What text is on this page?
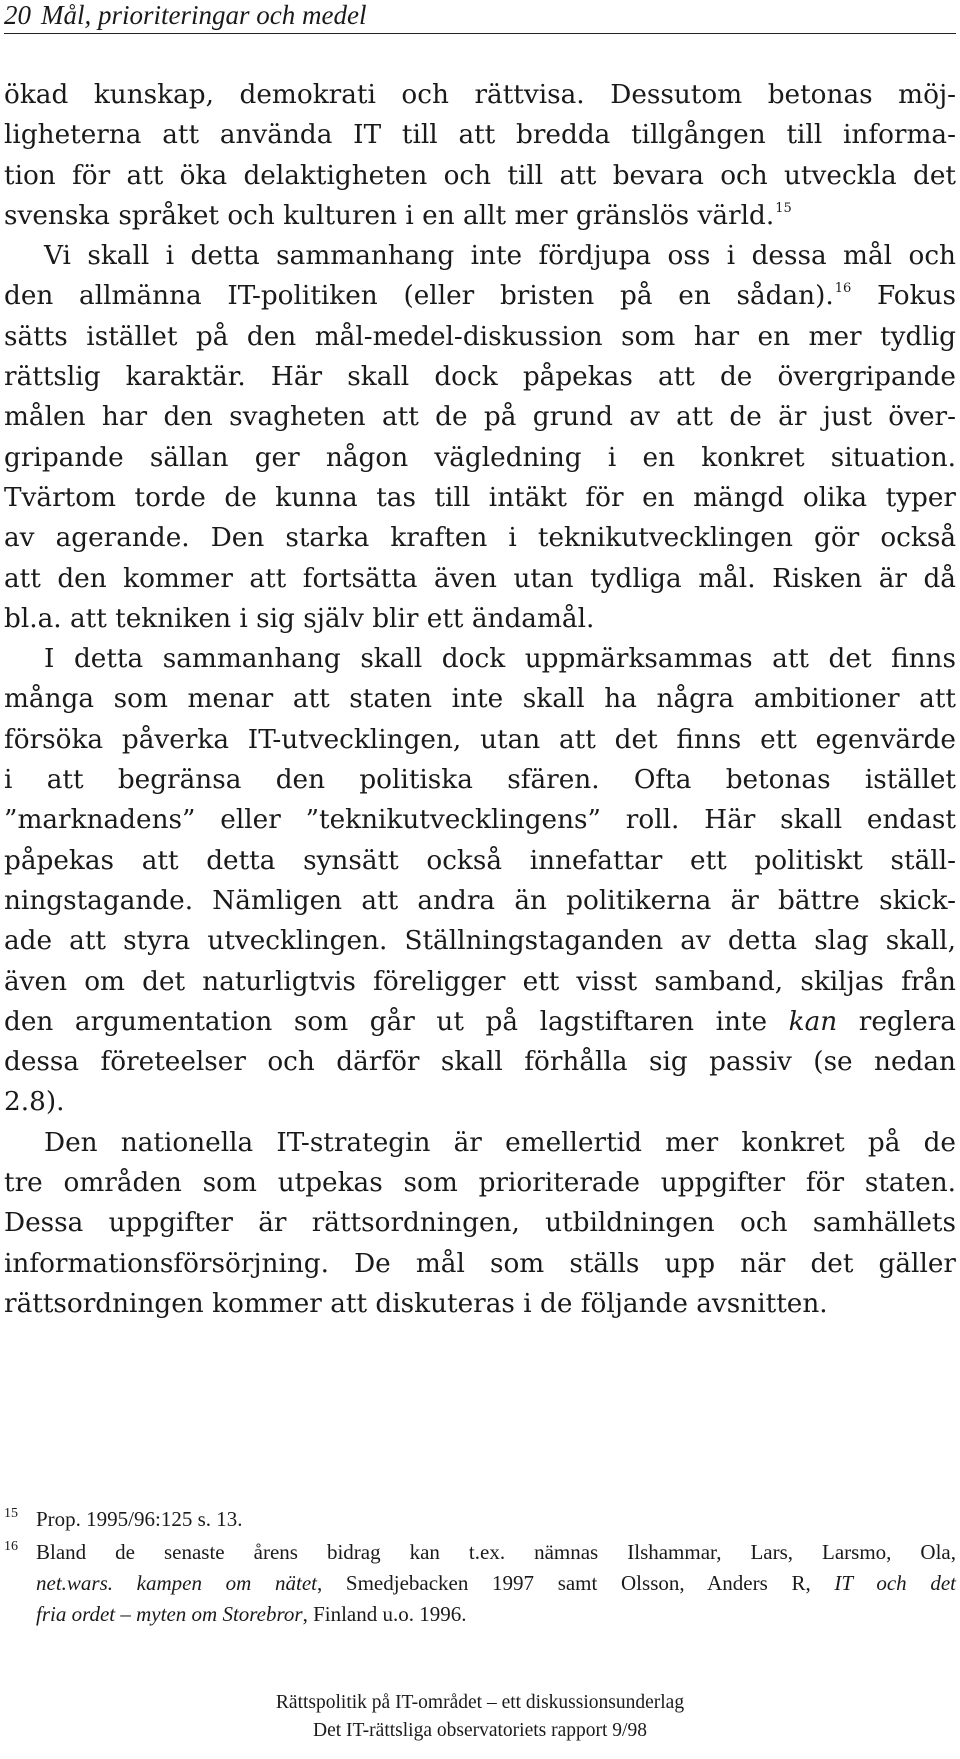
20 Mål, prioriteringar och medel
ökad kunskap, demokrati och rättvisa. Dessutom betonas möj-
ligheterna att använda IT till att bredda tillgången till informa-
tion för att öka delaktigheten och till att bevara och utveckla det
svenska språket och kulturen i en allt mer gränslös värld.$^{15}$
Vi skall i detta sammanhang inte fördjupa oss i dessa mål och
den allmänna IT-politiken (eller bristen på en sådan).$^{16}$ Fokus
sätts istället på den mål-medel-diskussion som har en mer tydlig
rättslig karaktär. Här skall dock påpekas att de övergripande
målen har den svagheten att de på grund av att de är just över-
gripande sällan ger någon vägledning i en konkret situation.
Tvärtom torde de kunna tas till intäkt för en mängd olika typer
av agerande. Den starka kraften i teknikutvecklingen gör också
att den kommer att fortsätta även utan tydliga mål. Risken är då
bl.a. att tekniken i sig själv blir ett ändamål.
I detta sammanhang skall dock uppmärksammas att det finns
många som menar att staten inte skall ha några ambitioner att
försöka påverka IT-utvecklingen, utan att det finns ett egenvärde
i att begränsa den politiska sfären. Ofta betonas istället
”marknadens” eller ”teknikutvecklingens” roll. Här skall endast
påpekas att detta synsätt också innefattar ett politiskt ställ-
ningstagande. Nämligen att andra än politikerna är bättre skick-
ade att styra utvecklingen. Ställningstaganden av detta slag skall,
även om det naturligtvis föreligger ett visst samband, skiljas från
den argumentation som går ut på lagstiftaren inte kan reglera
dessa företeelser och därför skall förhålla sig passiv (se nedan
2.8).
Den nationella IT-strategin är emellertid mer konkret på de
tre områden som utpekas som prioriterade uppgifter för staten.
Dessa uppgifter är rättsordningen, utbildningen och samhällets
informationsförsörjning. De mål som ställs upp när det gäller
rättsordningen kommer att diskuteras i de följande avsnitten.
15 Prop. 1995/96:125 s. 13.
16 Bland de senaste årens bidrag kan t.ex. nämnas Ilshammar, Lars, Larsmo, Ola,
net.wars. kampen om nätet, Smedjebacken 1997 samt Olsson, Anders R, IT och det
fria ordet – myten om Storebror, Finland u.o. 1996.
Rättspolitik på IT-området – ett diskussionsunderlag
Det IT-rättsliga observatoriets rapport 9/98
